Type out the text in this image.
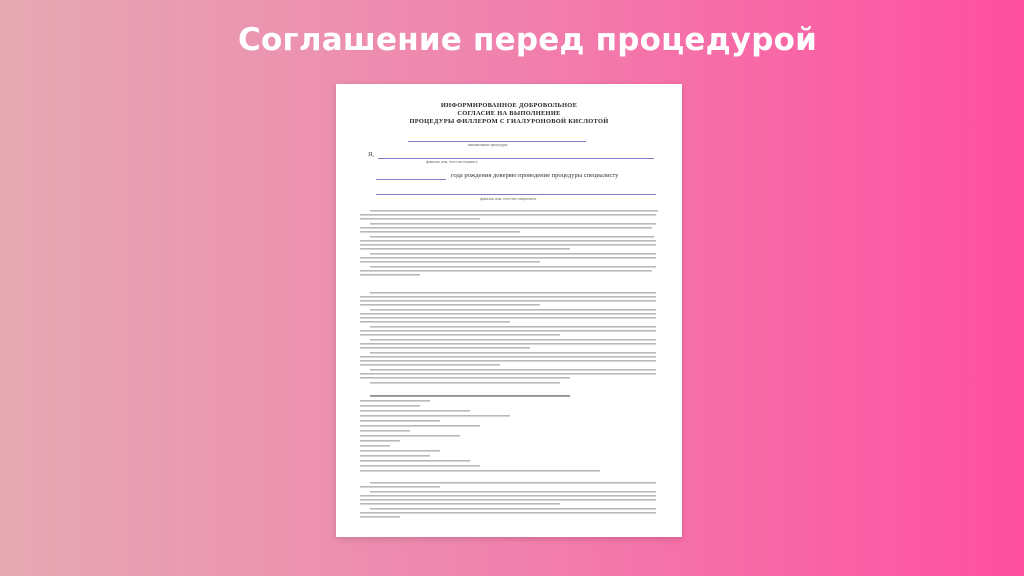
Соглашение перед процедурой
ИНФОРМИРОВАННОЕ ДОБРОВОЛЬНОЕ
СОГЛАСИЕ НА ВЫПОЛНЕНИЕ
ПРОЦЕДУРЫ ФИЛЛЕРОМ С ГИАЛУРОНОВОЙ КИСЛОТОЙ
наименование процедуры
Я,
фамилия, имя, отчество пациента
года рождения доверяю проведение процедуры специалисту
фамилия, имя, отчество специалиста
